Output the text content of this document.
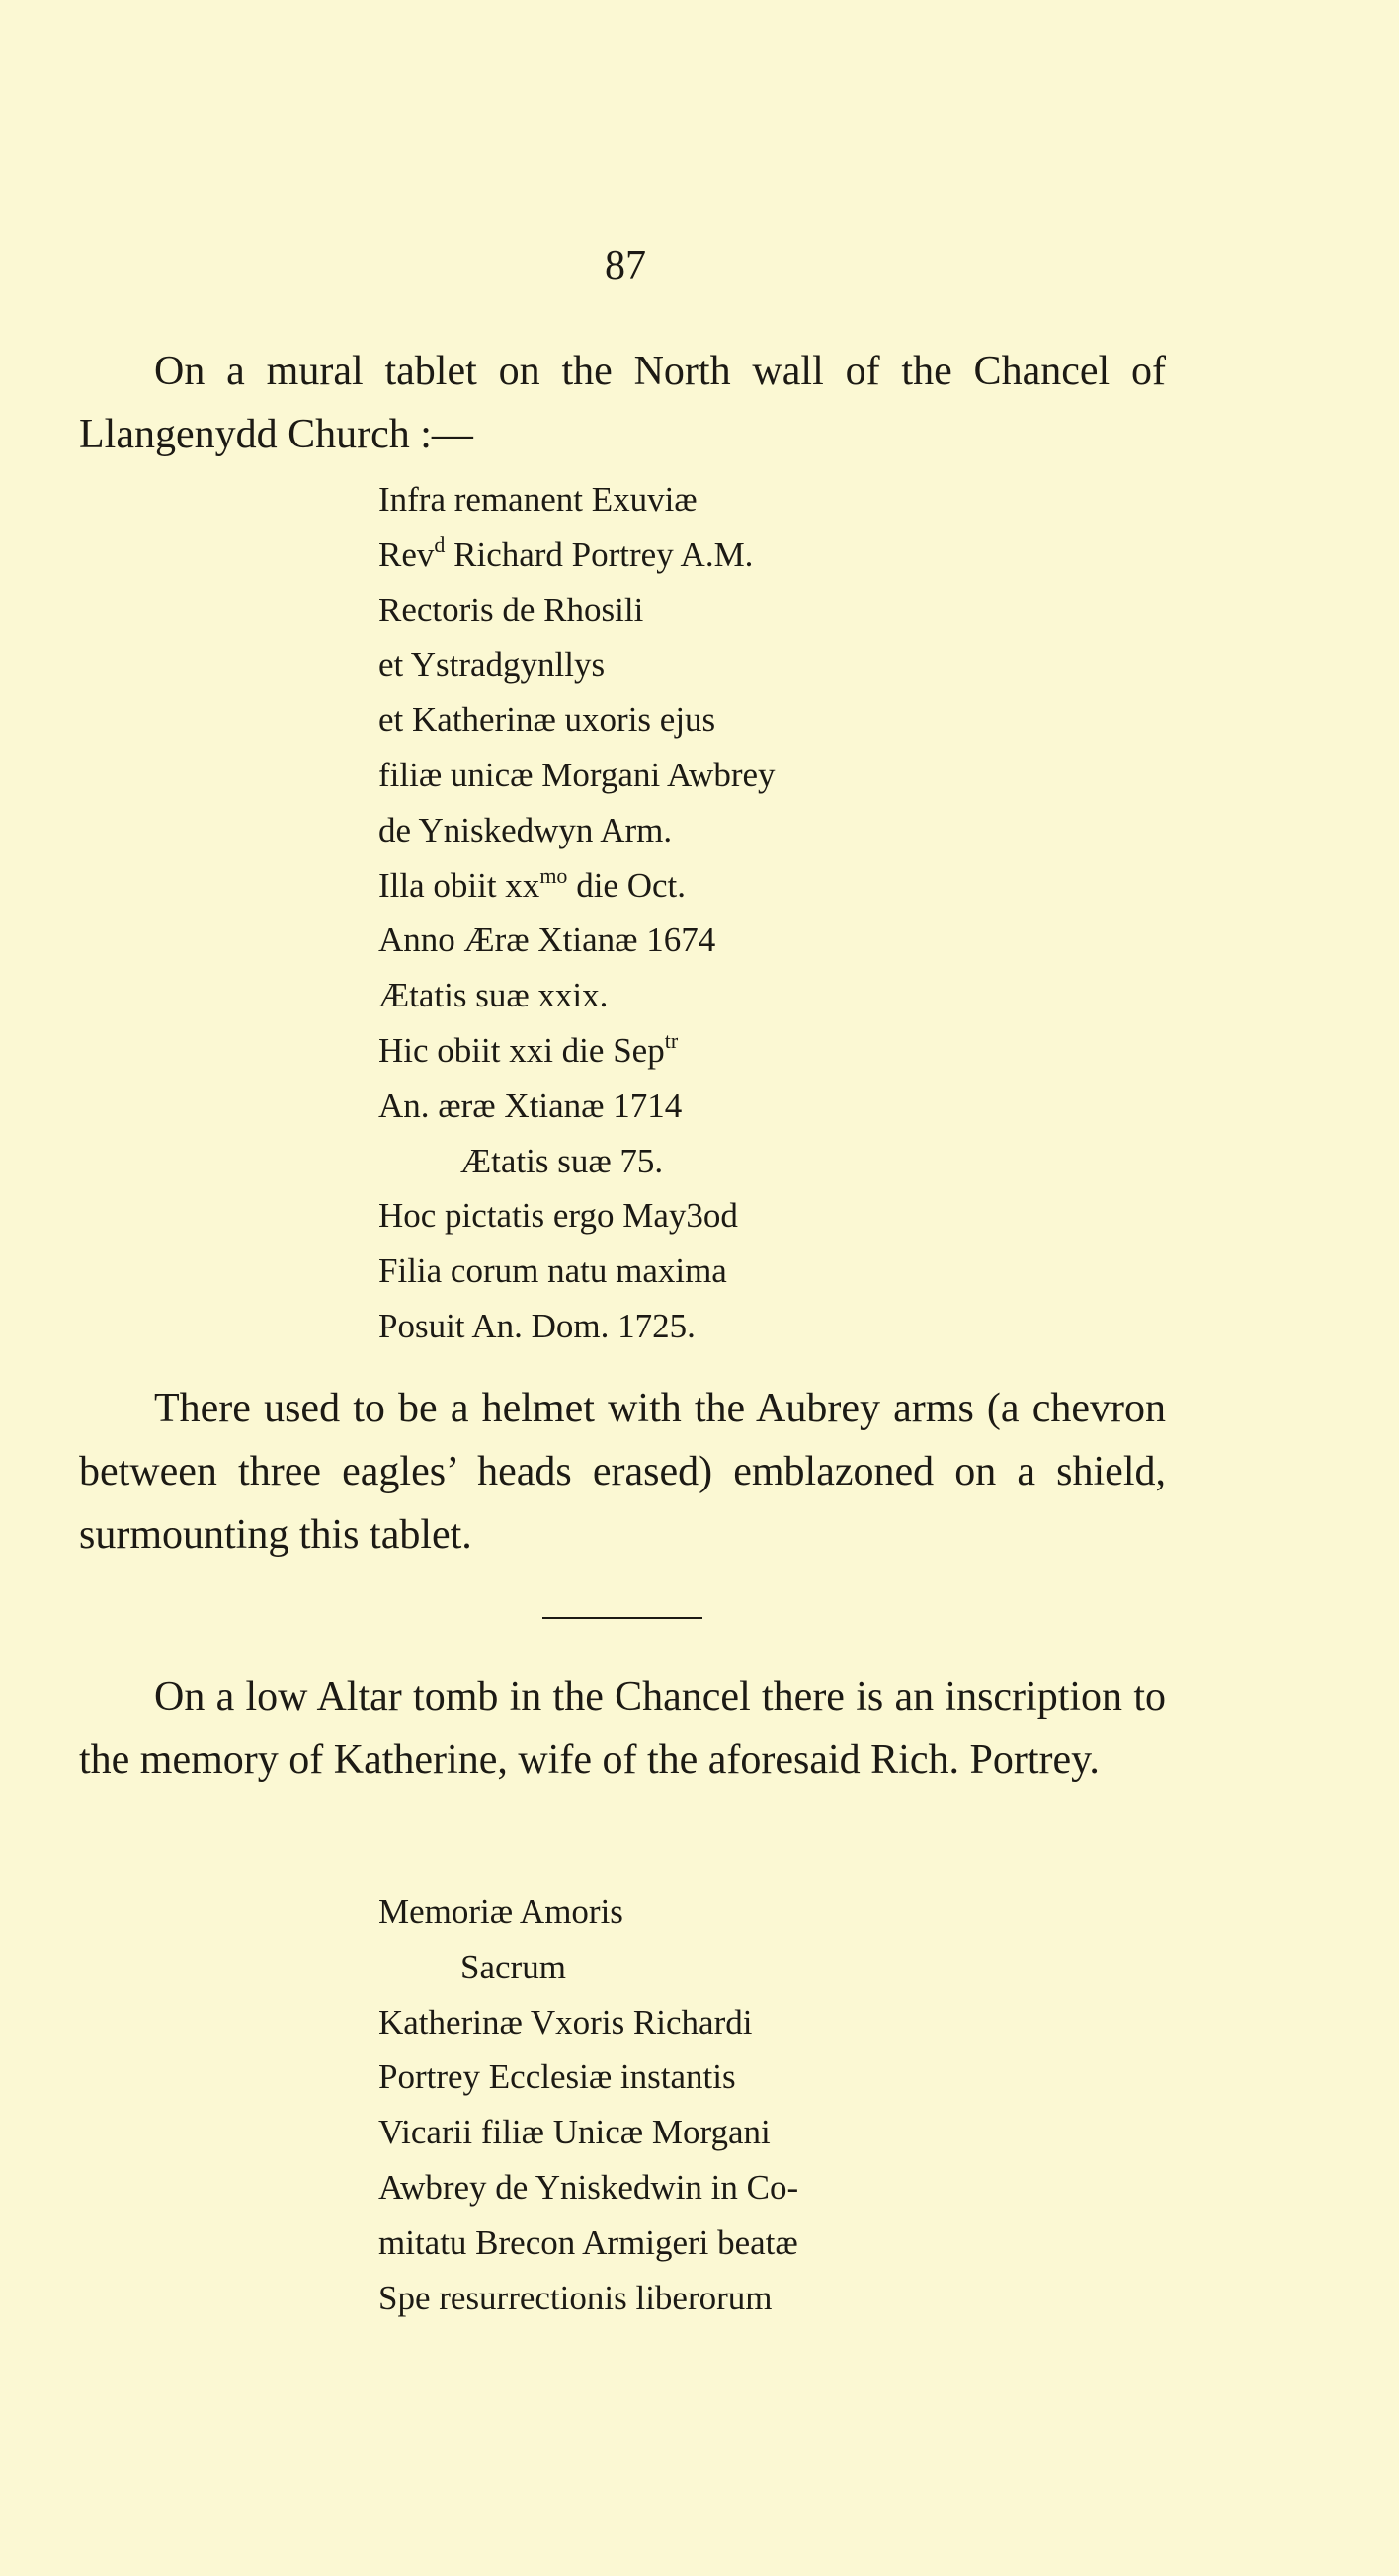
87

On a mural tablet on the North wall of the Chancel of Llangenydd Church :—

Infra remanent Exuviæ
Rev$^d$ Richard Portrey A.M.
Rectoris de Rhosili
et Ystradgynllys
et Katherinæ uxoris ejus
filiæ unicæ Morgani Awbrey
de Yniskedwyn Arm.
Illa obiit $xx^{mo}$ die Oct.
Anno Æræ Xtianæ 1674
Ætatis suæ xxix.
Hic obiit xxi die Sep$^{tr}$
An. æræ Xtianæ 1714
Ætatis suæ 75.
Hoc pictatis ergo May3od
Filia corum natu maxima
Posuit An. Dom. 1725.

There used to be a helmet with the Aubrey arms (a chevron between three eagles’ heads erased) emblazoned on a shield, surmounting this tablet.

On a low Altar tomb in the Chancel there is an inscription to the memory of Katherine, wife of the aforesaid Rich. Portrey.

Memoriæ Amoris
Sacrum
Katherinæ Vxoris Richardi
Portrey Ecclesiæ instantis
Vicarii filiæ Unicæ Morgani
Awbrey de Yniskedwin in Co-
mitatu Brecon Armigeri beatæ
Spe resurrectionis liberorum
